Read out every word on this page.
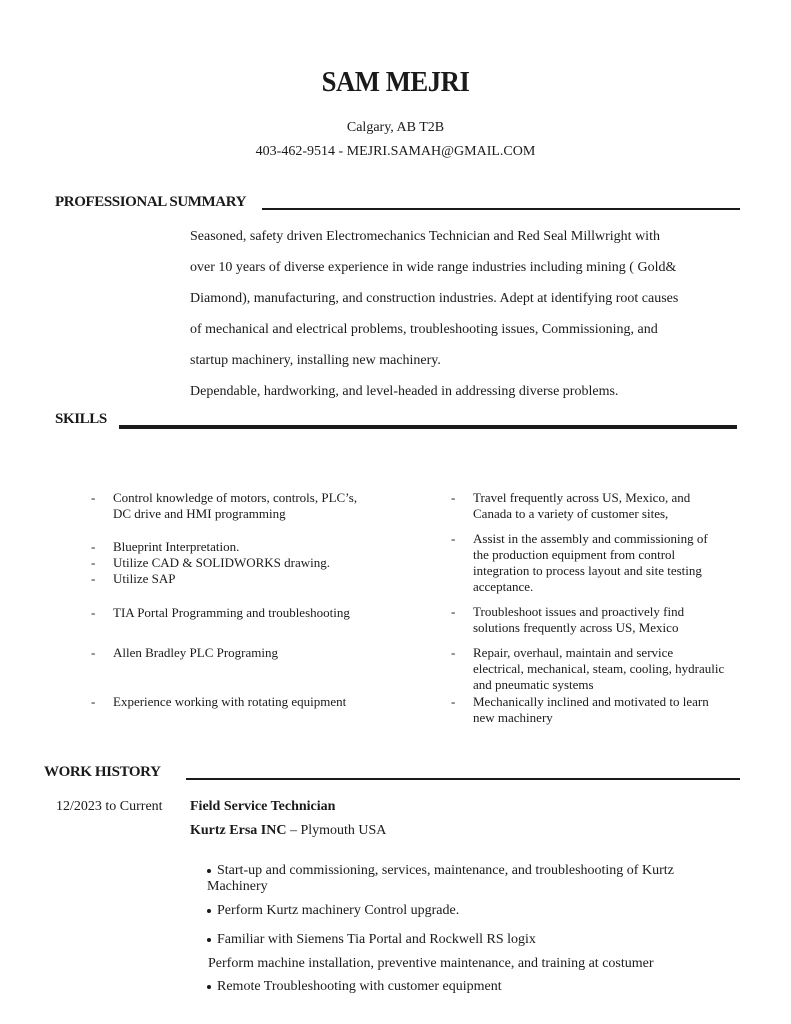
SAM MEJRI
Calgary, AB T2B
403-462-9514 - MEJRI.SAMAH@GMAIL.COM
PROFESSIONAL SUMMARY

Seasoned, safety driven Electromechanics Technician and Red Seal Millwright with

over 10 years of diverse experience in wide range industries including mining ( Gold&

Diamond), manufacturing, and construction industries. Adept at identifying root causes

of mechanical and electrical problems, troubleshooting issues, Commissioning, and

startup machinery, installing new machinery.

Dependable, hardworking, and level-headed in addressing diverse problems.

SKILLS
- Control knowledge of motors, controls, PLC’s,
DC drive and HMI programming
- Blueprint Interpretation.
- Utilize CAD & SOLIDWORKS drawing.
- Utilize SAP
- TIA Portal Programming and troubleshooting
- Allen Bradley PLC Programing
- Experience working with rotating equipment
- Travel frequently across US, Mexico, and
Canada to a variety of customer sites,
- Assist in the assembly and commissioning of
the production equipment from control
integration to process layout and site testing
acceptance.
- Troubleshoot issues and proactively find
solutions frequently across US, Mexico
- Repair, overhaul, maintain and service
electrical, mechanical, steam, cooling, hydraulic
and pneumatic systems
- Mechanically inclined and motivated to learn
new machinery
WORK HISTORY
12/2023 to Current Field Service Technician
Kurtz Ersa INC – Plymouth USA
Start-up and commissioning, services, maintenance, and troubleshooting of Kurtz
Machinery
Perform Kurtz machinery Control upgrade.
Familiar with Siemens Tia Portal and Rockwell RS logix
Perform machine installation, preventive maintenance, and training at costumer
Remote Troubleshooting with customer equipment
